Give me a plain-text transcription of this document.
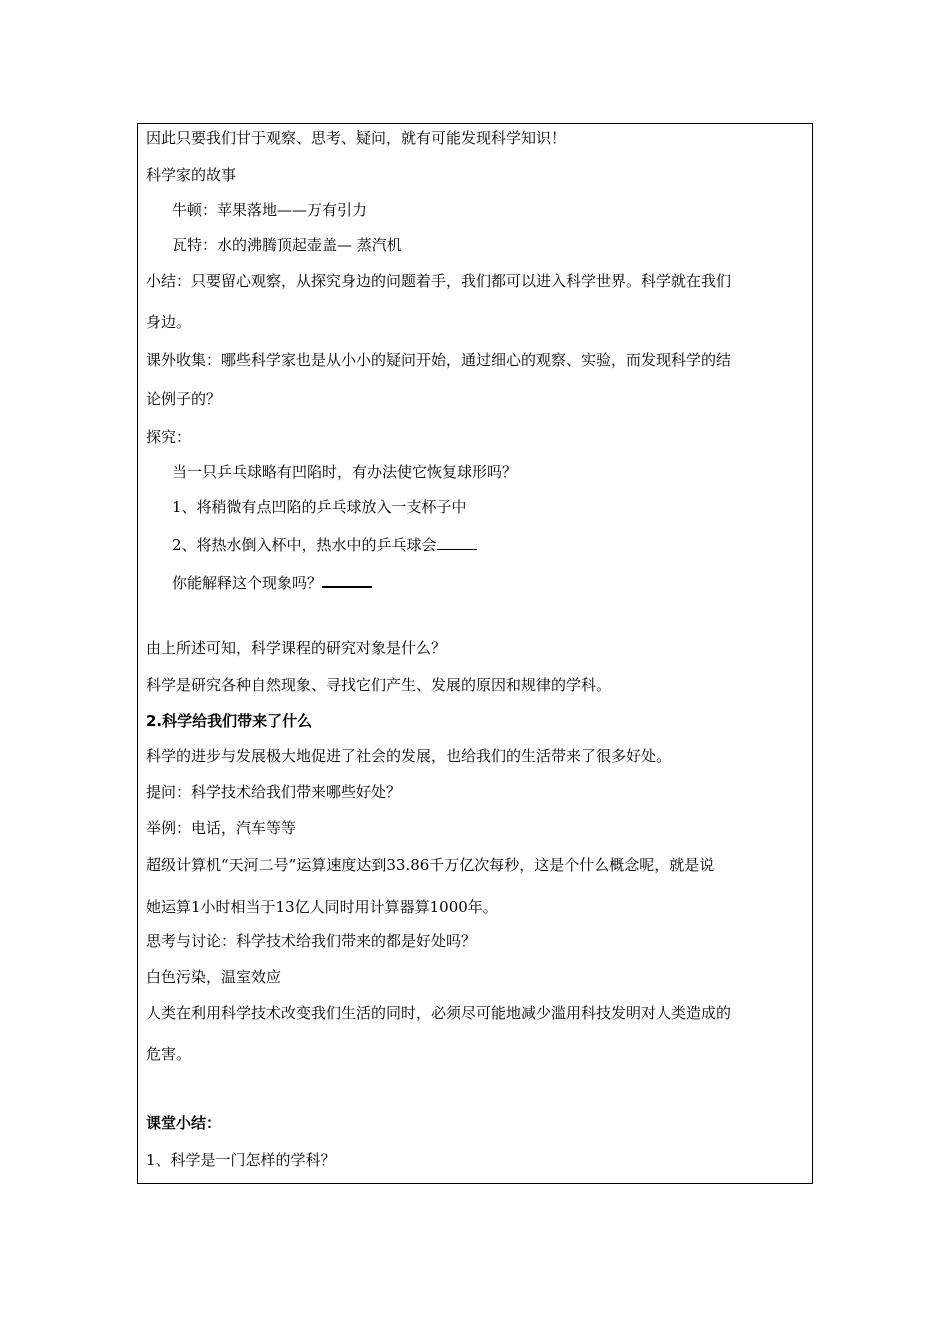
因此只要我们甘于观察、思考、疑问，就有可能发现科学知识！
科学家的故事
牛顿：苹果落地——万有引力
瓦特：水的沸腾顶起壶盖— 蒸汽机
小结：只要留心观察，从探究身边的问题着手，我们都可以进入科学世界。科学就在我们
身边。
课外收集：哪些科学家也是从小小的疑问开始，通过细心的观察、实验，而发现科学的结
论例子的？
探究：
当一只乒乓球略有凹陷时，有办法使它恢复球形吗？
1、将稍微有点凹陷的乒乓球放入一支杯子中
2、将热水倒入杯中，热水中的乒乓球会
你能解释这个现象吗？
由上所述可知，科学课程的研究对象是什么？
科学是研究各种自然现象、寻找它们产生、发展的原因和规律的学科。
2.科学给我们带来了什么
科学的进步与发展极大地促进了社会的发展，也给我们的生活带来了很多好处。
提问：科学技术给我们带来哪些好处？
举例：电话，汽车等等
超级计算机“天河二号”运算速度达到33.86千万亿次每秒，这是个什么概念呢，就是说
她运算1小时相当于13亿人同时用计算器算1000年。
思考与讨论：科学技术给我们带来的都是好处吗？
白色污染，温室效应
人类在利用科学技术改变我们生活的同时，必须尽可能地减少滥用科技发明对人类造成的
危害。
课堂小结：
1、科学是一门怎样的学科？
